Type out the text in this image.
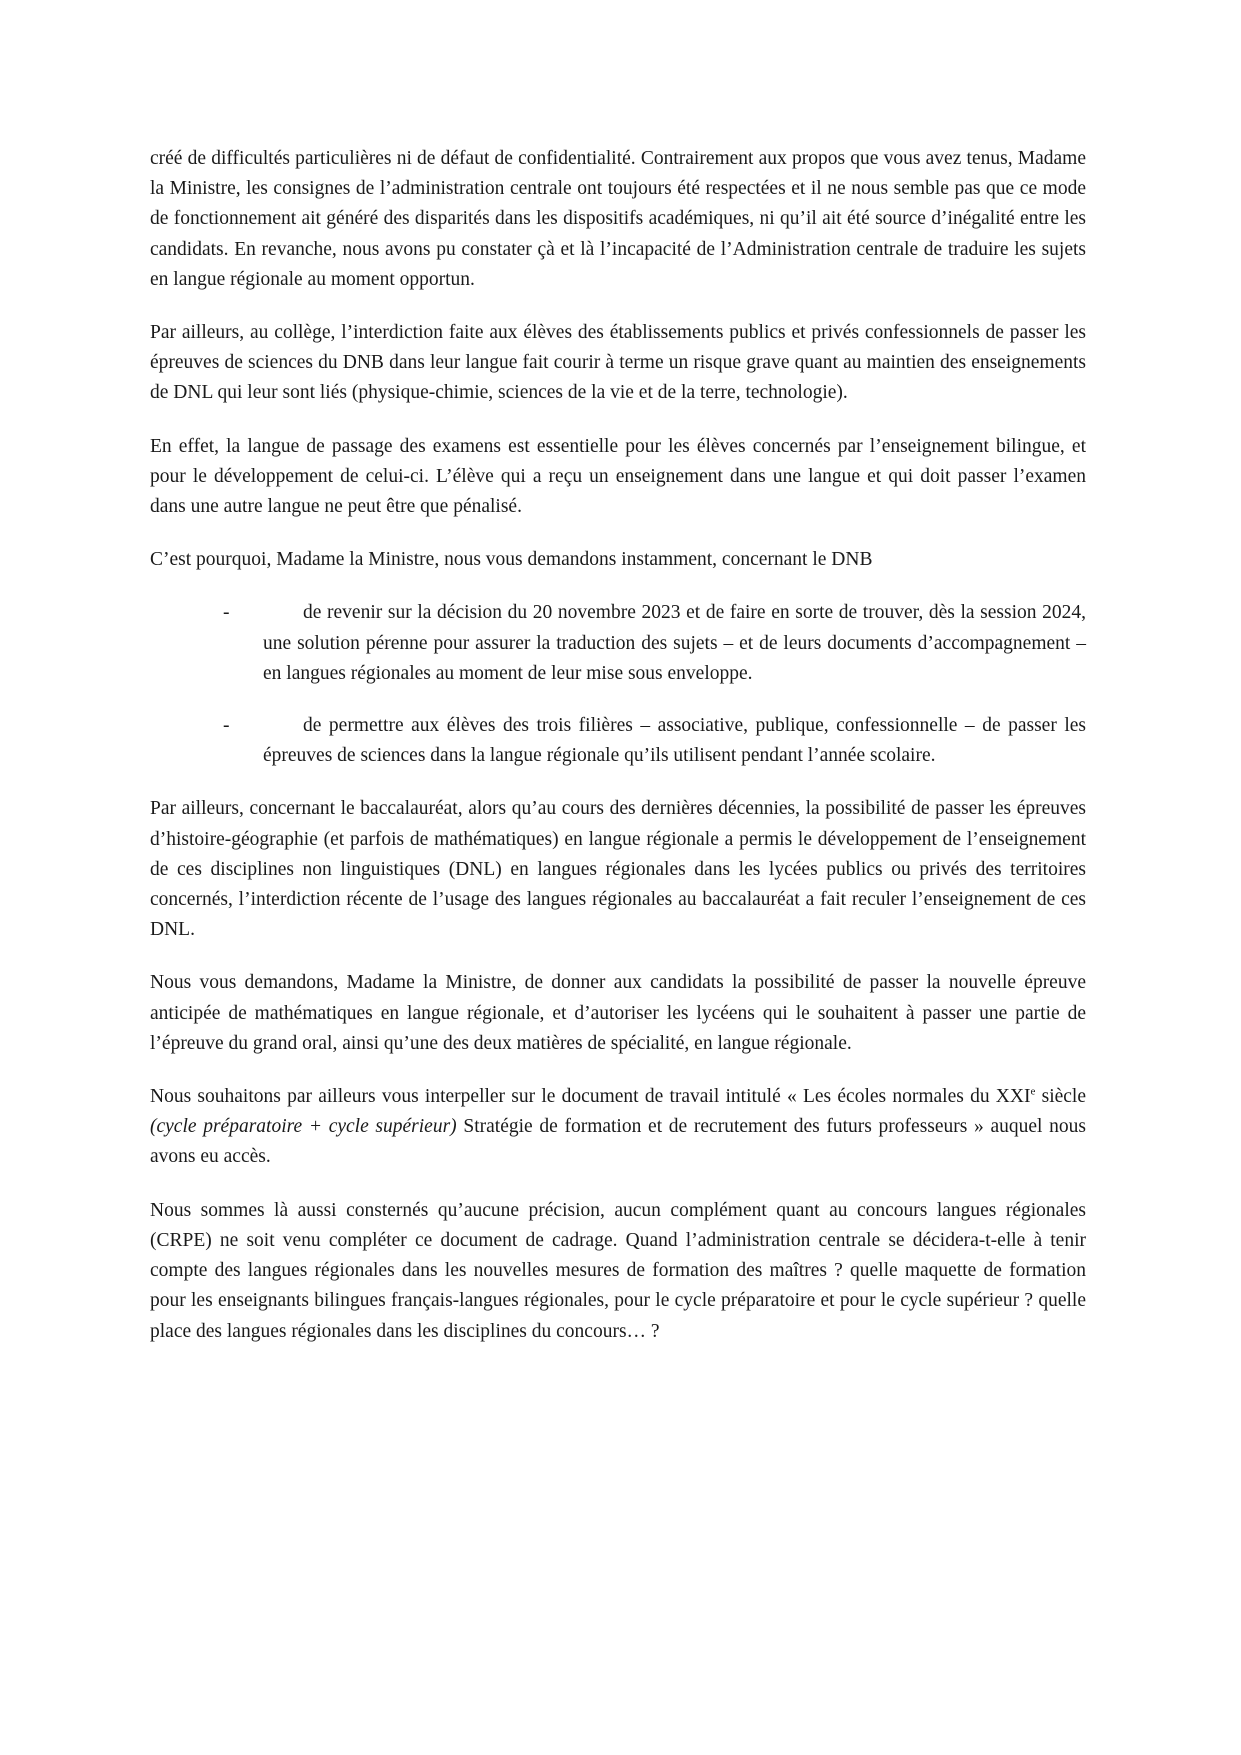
créé de difficultés particulières ni de défaut de confidentialité. Contrairement aux propos que vous avez tenus, Madame la Ministre, les consignes de l’administration centrale ont toujours été respectées et il ne nous semble pas que ce mode de fonctionnement ait généré des disparités dans les dispositifs académiques, ni qu’il ait été source d’inégalité entre les candidats. En revanche, nous avons pu constater çà et là l’incapacité de l’Administration centrale de traduire les sujets en langue régionale au moment opportun.

Par ailleurs, au collège, l’interdiction faite aux élèves des établissements publics et privés confessionnels de passer les épreuves de sciences du DNB dans leur langue fait courir à terme un risque grave quant au maintien des enseignements de DNL qui leur sont liés (physique-chimie, sciences de la vie et de la terre, technologie).

En effet, la langue de passage des examens est essentielle pour les élèves concernés par l’enseignement bilingue, et pour le développement de celui-ci. L’élève qui a reçu un enseignement dans une langue et qui doit passer l’examen dans une autre langue ne peut être que pénalisé.

C’est pourquoi, Madame la Ministre, nous vous demandons instamment, concernant le DNB

-	de revenir sur la décision du 20 novembre 2023 et de faire en sorte de trouver, dès la session 2024, une solution pérenne pour assurer la traduction des sujets – et de leurs documents d’accompagnement – en langues régionales au moment de leur mise sous enveloppe.
-	de permettre aux élèves des trois filières – associative, publique, confessionnelle – de passer les épreuves de sciences dans la langue régionale qu’ils utilisent pendant l’année scolaire.

Par ailleurs, concernant le baccalauréat, alors qu’au cours des dernières décennies, la possibilité de passer les épreuves d’histoire-géographie (et parfois de mathématiques) en langue régionale a permis le développement de l’enseignement de ces disciplines non linguistiques (DNL) en langues régionales dans les lycées publics ou privés des territoires concernés, l’interdiction récente de l’usage des langues régionales au baccalauréat a fait reculer l’enseignement de ces DNL.

Nous vous demandons, Madame la Ministre, de donner aux candidats la possibilité de passer la nouvelle épreuve anticipée de mathématiques en langue régionale, et d’autoriser les lycéens qui le souhaitent à passer une partie de l’épreuve du grand oral, ainsi qu’une des deux matières de spécialité, en langue régionale.

Nous souhaitons par ailleurs vous interpeller sur le document de travail intitulé « Les écoles normales du XXIe siècle (cycle préparatoire + cycle supérieur) Stratégie de formation et de recrutement des futurs professeurs » auquel nous avons eu accès.

Nous sommes là aussi consternés qu’aucune précision, aucun complément quant au concours langues régionales (CRPE) ne soit venu compléter ce document de cadrage. Quand l’administration centrale se décidera-t-elle à tenir compte des langues régionales dans les nouvelles mesures de formation des maîtres ? quelle maquette de formation pour les enseignants bilingues français-langues régionales, pour le cycle préparatoire et pour le cycle supérieur ? quelle place des langues régionales dans les disciplines du concours… ?
